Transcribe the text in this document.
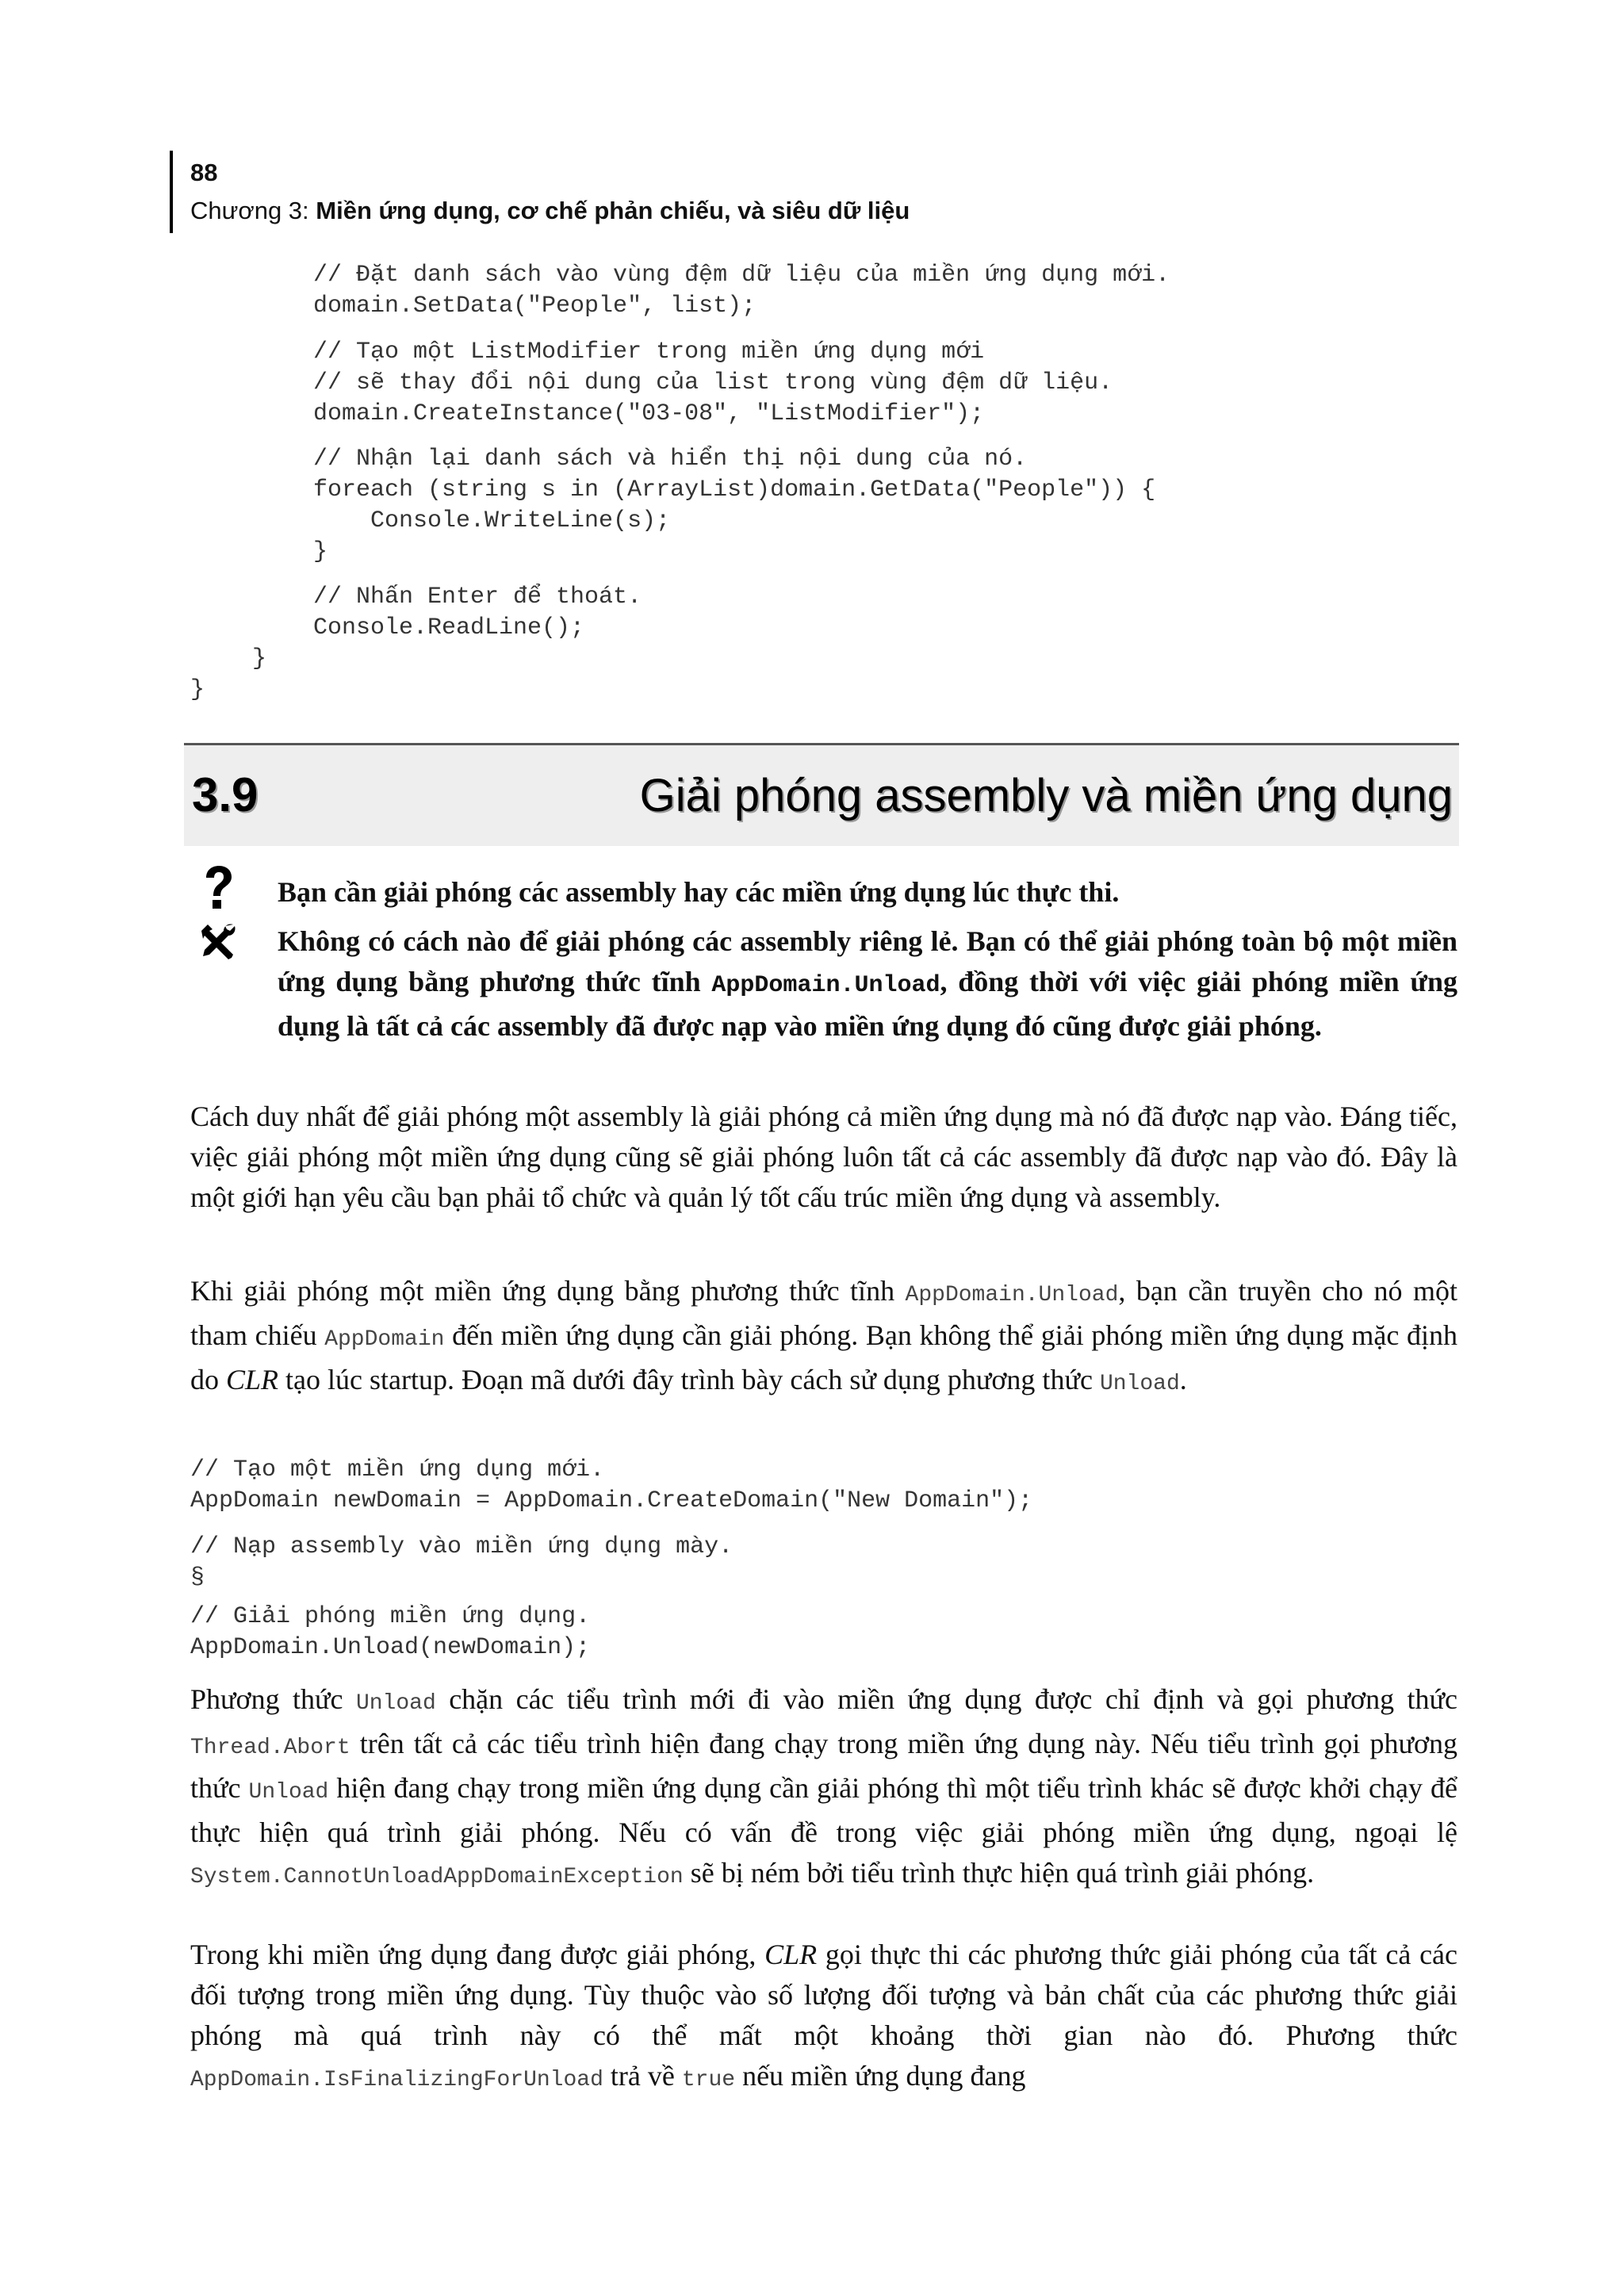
88
Chương 3: Miền ứng dụng, cơ chế phản chiếu, và siêu dữ liệu
// Đặt danh sách vào vùng đệm dữ liệu của miền ứng dụng mới.
domain.SetData("People", list);
// Tạo một ListModifier trong miền ứng dụng mới
// sẽ thay đổi nội dung của list trong vùng đệm dữ liệu.
domain.CreateInstance("03-08", "ListModifier");
// Nhận lại danh sách và hiển thị nội dung của nó.
foreach (string s in (ArrayList)domain.GetData("People")) {
Console.WriteLine(s);
}
// Nhấn Enter để thoát.
Console.ReadLine();
}
}
3.9	Giải phóng assembly và miền ứng dụng
Bạn cần giải phóng các assembly hay các miền ứng dụng lúc thực thi.
Không có cách nào để giải phóng các assembly riêng lẻ. Bạn có thể giải phóng toàn bộ một miền ứng dụng bằng phương thức tĩnh AppDomain.Unload, đồng thời với việc giải phóng miền ứng dụng là tất cả các assembly đã được nạp vào miền ứng dụng đó cũng được giải phóng.
Cách duy nhất để giải phóng một assembly là giải phóng cả miền ứng dụng mà nó đã được nạp vào. Đáng tiếc, việc giải phóng một miền ứng dụng cũng sẽ giải phóng luôn tất cả các assembly đã được nạp vào đó. Đây là một giới hạn yêu cầu bạn phải tổ chức và quản lý tốt cấu trúc miền ứng dụng và assembly.
Khi giải phóng một miền ứng dụng bằng phương thức tĩnh AppDomain.Unload, bạn cần truyền cho nó một tham chiếu AppDomain đến miền ứng dụng cần giải phóng. Bạn không thể giải phóng miền ứng dụng mặc định do CLR tạo lúc startup. Đoạn mã dưới đây trình bày cách sử dụng phương thức Unload.
// Tạo một miền ứng dụng mới.
AppDomain newDomain = AppDomain.CreateDomain("New Domain");
// Nạp assembly vào miền ứng dụng mày.
§
// Giải phóng miền ứng dụng.
AppDomain.Unload(newDomain);
Phương thức Unload chặn các tiểu trình mới đi vào miền ứng dụng được chỉ định và gọi phương thức Thread.Abort trên tất cả các tiểu trình hiện đang chạy trong miền ứng dụng này. Nếu tiểu trình gọi phương thức Unload hiện đang chạy trong miền ứng dụng cần giải phóng thì một tiểu trình khác sẽ được khởi chạy để thực hiện quá trình giải phóng. Nếu có vấn đề trong việc giải phóng miền ứng dụng, ngoại lệ System.CannotUnloadAppDomainException sẽ bị ném bởi tiểu trình thực hiện quá trình giải phóng.
Trong khi miền ứng dụng đang được giải phóng, CLR gọi thực thi các phương thức giải phóng của tất cả các đối tượng trong miền ứng dụng. Tùy thuộc vào số lượng đối tượng và bản chất của các phương thức giải phóng mà quá trình này có thể mất một khoảng thời gian nào đó. Phương thức AppDomain.IsFinalizingForUnload trả về true nếu miền ứng dụng đang
